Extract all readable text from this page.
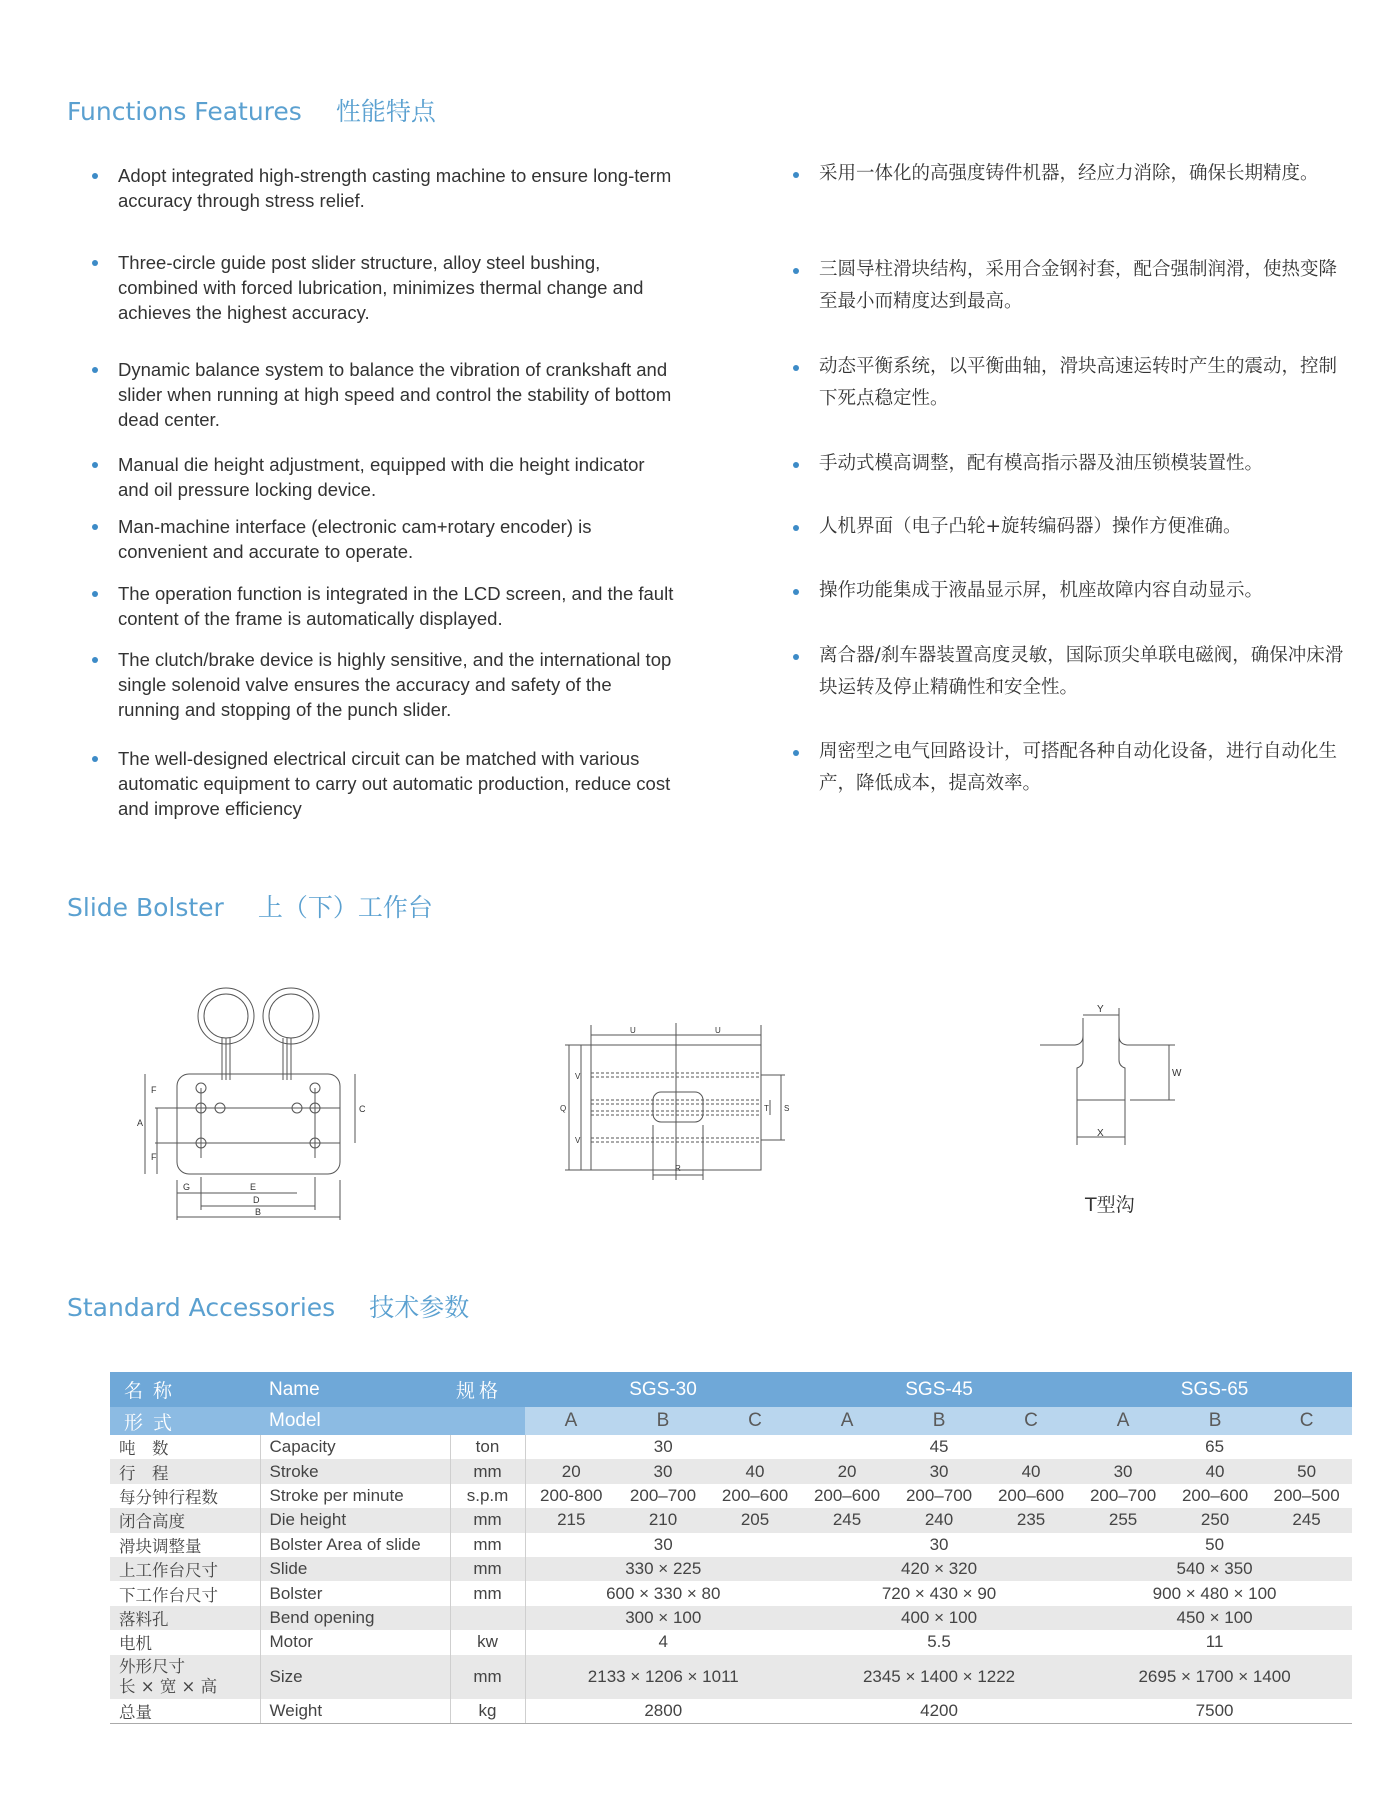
Functions Features 性能特点
Adopt integrated high-strength casting machine to ensure long-term accuracy through stress relief.
Three-circle guide post slider structure, alloy steel bushing, combined with forced lubrication, minimizes thermal change and achieves the highest accuracy.
Dynamic balance system to balance the vibration of crankshaft and slider when running at high speed and control the stability of bottom dead center.
Manual die height adjustment, equipped with die height indicator and oil pressure locking device.
Man-machine interface (electronic cam+rotary encoder) is convenient and accurate to operate.
The operation function is integrated in the LCD screen, and the fault content of the frame is automatically displayed.
The clutch/brake device is highly sensitive, and the international top single solenoid valve ensures the accuracy and safety of the running and stopping of the punch slider.
The well-designed electrical circuit can be matched with various automatic equipment to carry out automatic production, reduce cost and improve efficiency
采用一体化的高强度铸件机器，经应力消除，确保长期精度。
三圆导柱滑块结构，采用合金钢衬套，配合强制润滑，使热变降至最小而精度达到最高。
动态平衡系统，以平衡曲轴，滑块高速运转时产生的震动，控制下死点稳定性。
手动式模高调整，配有模高指示器及油压锁模装置性。
人机界面（电子凸轮+旋转编码器）操作方便准确。
操作功能集成于液晶显示屏，机座故障内容自动显示。
离合器/刹车器装置高度灵敏，国际顶尖单联电磁阀，确保冲床滑块运转及停止精确性和安全性。
周密型之电气回路设计，可搭配各种自动化设备，进行自动化生产，降低成本，提高效率。
Slide Bolster 上（下）工作台
A
F
F
C
G	E
D
B
U	U
V
V
Q	T S
R
Y
W
X
T型沟
Standard Accessories 技术参数
名称	Name	规格	SGS-30			SGS-45			SGS-65		
形式	Model		A	B	C	A	B	C	A	B	C
吨　数	Capacity	ton	30			45			65		
行　程	Stroke	mm	20	30	40	20	30	40	30	40	50
每分钟行程数	Stroke per minute	s.p.m	200-800	200–700	200–600	200–600	200–700	200–600	200–700	200–600	200–500
闭合高度	Die height	mm	215	210	205	245	240	235	255	250	245
滑块调整量	Bolster Area of slide	mm	30			30			50		
上工作台尺寸	Slide	mm	330 × 225			420 × 320			540 × 350		
下工作台尺寸	Bolster	mm	600 × 330 × 80			720 × 430 × 90			900 × 480 × 100		
落料孔	Bend opening		300 × 100			400 × 100			450 × 100		
电机	Motor	kw	4			5.5			11		

外形尺寸
长 × 宽 × 高	Size	mm	2133 × 1206 × 1011			2345 × 1400 × 1222			2695 × 1700 × 1400		
总量	Weight	kg	2800			4200			7500		
